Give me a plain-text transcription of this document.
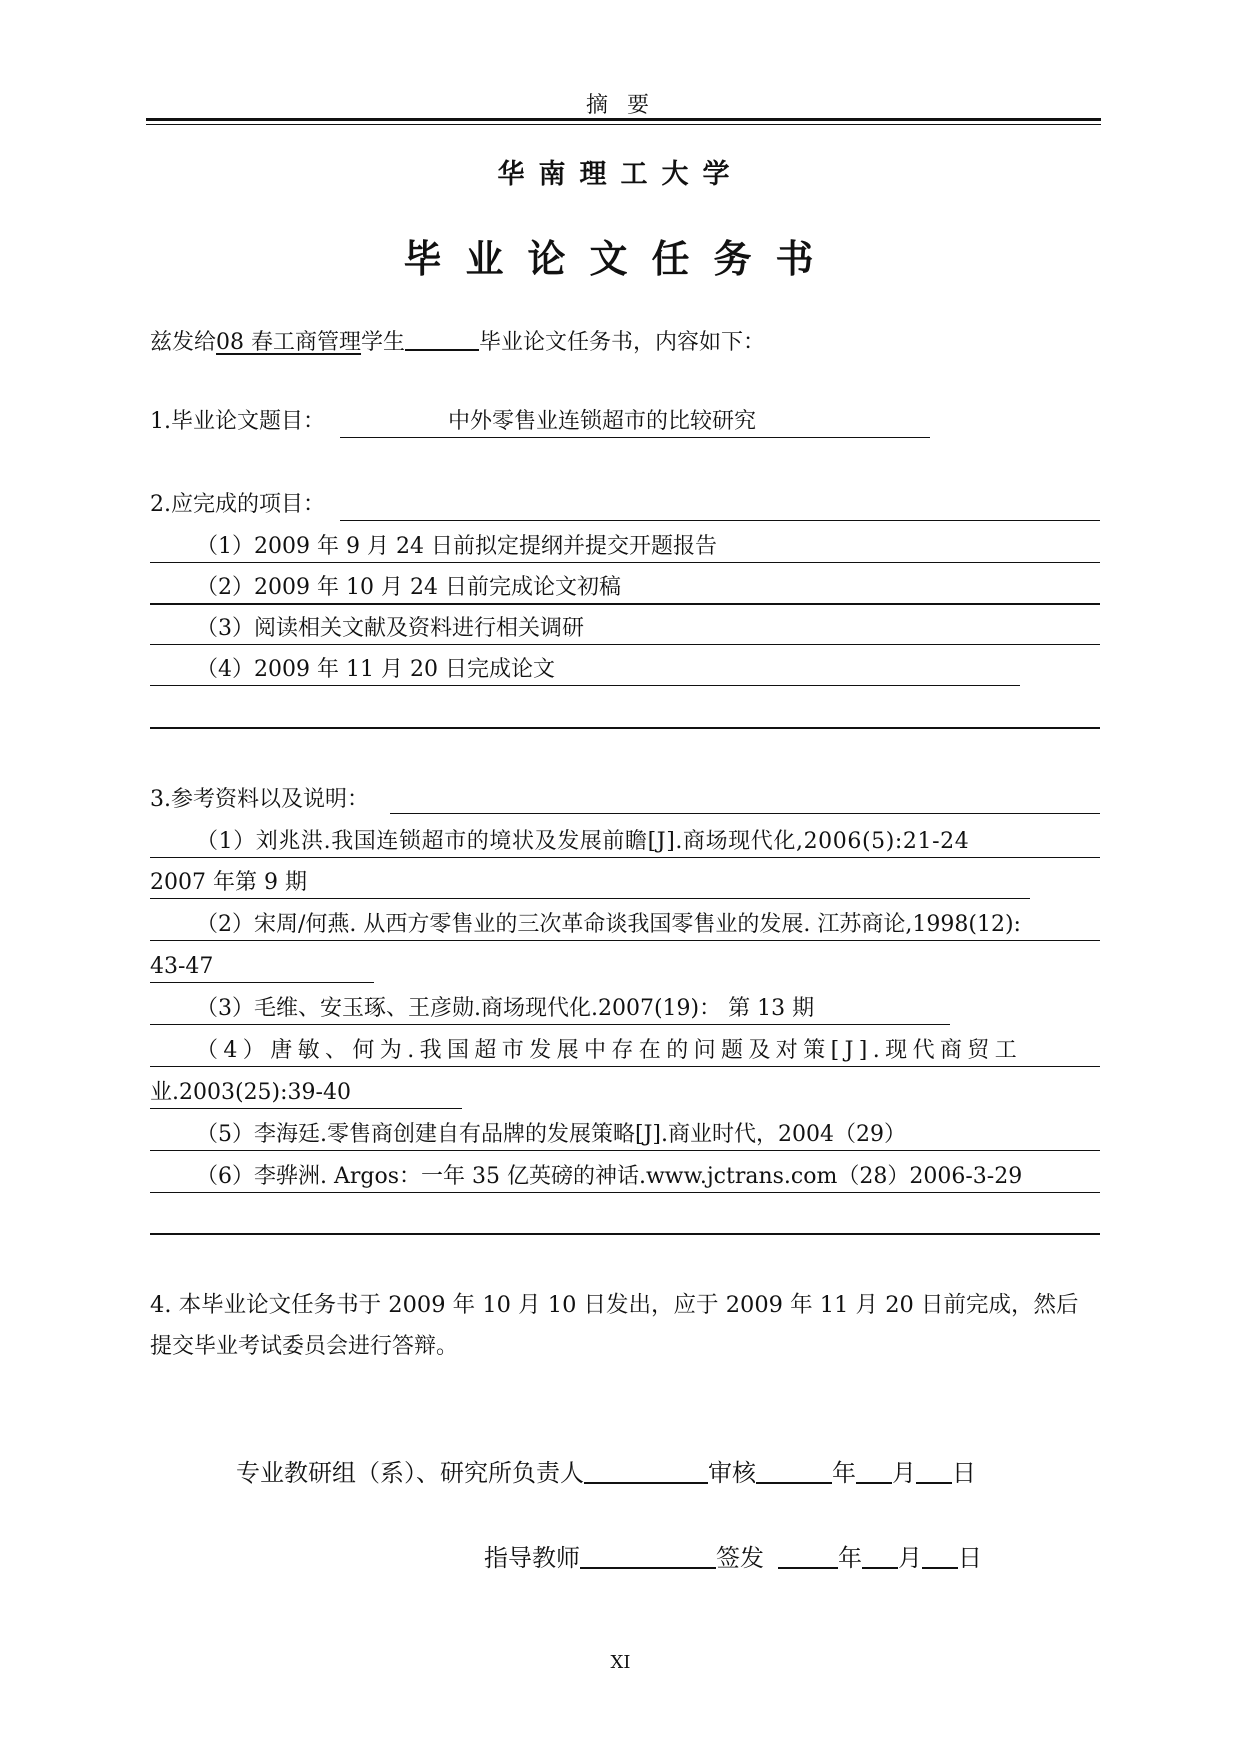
摘 要
华南理工大学
毕业论文任务书
兹发给08 春工商管理学生	毕业论文任务书，内容如下：
1.毕业论文题目：	中外零售业连锁超市的比较研究
2.应完成的项目：
（1）2009 年 9 月 24 日前拟定提纲并提交开题报告
（2）2009 年 10 月 24 日前完成论文初稿
（3）阅读相关文献及资料进行相关调研
（4）2009 年 11 月 20 日完成论文
3.参考资料以及说明：
（1）刘兆洪.我国连锁超市的境状及发展前瞻[J].商场现代化,2006(5):21-24
2007 年第 9 期
（2）宋周/何燕. 从西方零售业的三次革命谈我国零售业的发展. 江苏商论,1998(12):
43-47
（3）毛维、安玉琢、王彦勋.商场现代化.2007(19)： 第 13 期
（4）唐敏、何为.我国超市发展中存在的问题及对策[J].现代商贸工
业.2003(25):39-40
（5）李海廷.零售商创建自有品牌的发展策略[J].商业时代，2004（29）
（6）李骅洲. Argos：一年 35 亿英磅的神话.www.jctrans.com（28）2006-3-29
4. 本毕业论文任务书于 2009 年 10 月 10 日发出，应于 2009 年 11 月 20 日前完成，然后
提交毕业考试委员会进行答辩。
专业教研组（系）、研究所负责人	审核	年 月 日
指导教师	签发	年 月 日
XI
